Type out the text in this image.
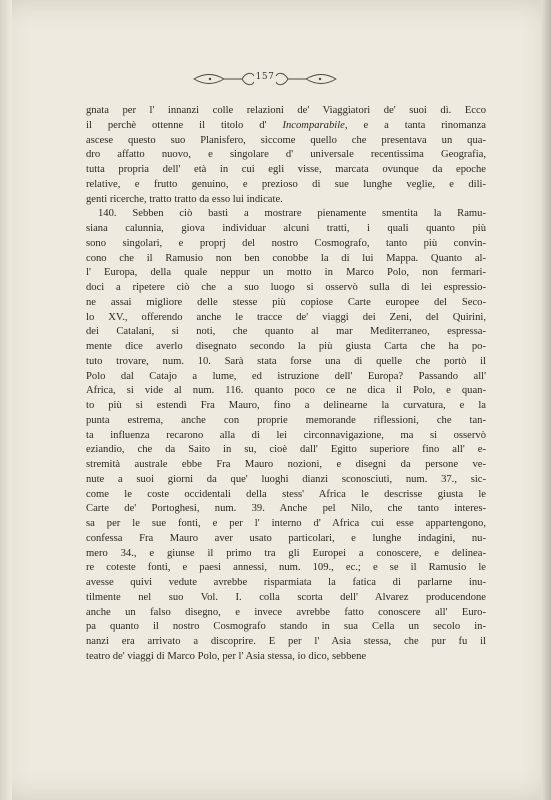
157
gnata per l' innanzi colle relazioni de' Viaggiatori de' suoi dì. Ecco
il perchè ottenne il titolo d' Incomparabile, e a tanta rinomanza
ascese questo suo Planisfero, siccome quello che presentava un qua-
dro affatto nuovo, e singolare d' universale recentissima Geografia,
tutta propria dell' età in cui egli visse, marcata ovunque da epoche
relative, e frutto genuino, e prezioso di sue lunghe veglie, e dili-
genti ricerche, tratto tratto da esso lui indicate.
140. Sebben ciò basti a mostrare pienamente smentita la Ramu-
siana calunnia, giova individuar alcuni tratti, i quali quanto più
sono singolari, e proprj del nostro Cosmografo, tanto più convin-
cono che il Ramusio non ben conobbe la di lui Mappa. Quanto al-
l' Europa, della quale neppur un motto in Marco Polo, non fermari-
doci a ripetere ciò che a suo luogo si osservò sulla di lei espressio-
ne assai migliore delle stesse più copiose Carte europee del Seco-
lo XV., offerendo anche le tracce de' viaggi dei Zeni, del Quirini,
dei Catalani, si noti, che quanto al mar Mediterraneo, espressa-
mente dice averlo disegnato secondo la più giusta Carta che ha po-
tuto trovare, num. 10. Sarà stata forse una di quelle che portò il
Polo dal Catajo a lume, ed istruzione dell' Europa? Passando all'
Africa, si vide al num. 116. quanto poco ce ne dica il Polo, e quan-
to più si estendì Fra Mauro, fino a delinearne la curvatura, e la
punta estrema, anche con proprie memorande riflessioni, che tan-
ta influenza recarono alla di lei circonnavigazione, ma si osservò
eziandio, che da Saito in su, cioè dall' Egitto superiore fino all' e-
stremità australe ebbe Fra Mauro nozioni, e disegni da persone ve-
nute a suoi giorni da que' luoghi dianzi sconosciuti, num. 37., sic-
come le coste occidentali della stess' Africa le descrisse giusta le
Carte de' Portoghesi, num. 39. Anche pel Nilo, che tanto interes-
sa per le sue fonti, e per l' interno d' Africa cui esse appartengono,
confessa Fra Mauro aver usato particolari, e lunghe indagini, nu-
mero 34., e giunse il primo tra gli Europei a conoscere, e delinea-
re coteste fonti, e paesi annessi, num. 109., ec.; e se il Ramusio le
avesse quivi vedute avrebbe risparmiata la fatica di parlarne inu-
tilmente nel suo Vol. I. colla scorta dell' Alvarez producendone
anche un falso disegno, e invece avrebbe fatto conoscere all' Euro-
pa quanto il nostro Cosmografo stando in sua Cella un secolo in-
nanzi era arrivato a discoprire. E per l' Asia stessa, che pur fu il
teatro de' viaggi di Marco Polo, per l' Asia stessa, io dico, sebbene
